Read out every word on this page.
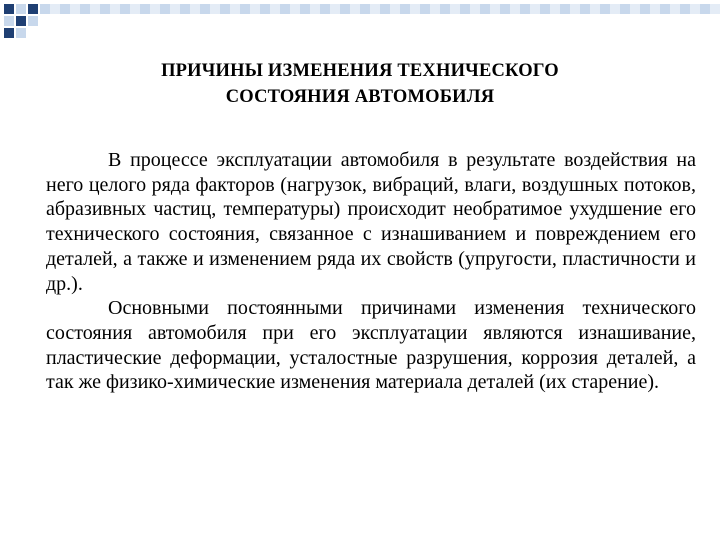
ПРИЧИНЫ ИЗМЕНЕНИЯ ТЕХНИЧЕСКОГО
СОСТОЯНИЯ АВТОМОБИЛЯ

В процессе эксплуатации автомобиля в результате воздействия на него целого ряда факторов (нагрузок, вибраций, влаги, воздушных потоков, абразивных частиц, температуры) происходит необратимое ухудшение его технического состояния, связанное с изнашиванием и повреждением его деталей, а также и изменением ряда их свойств (упругости, пластичности и др.).

Основными постоянными причинами изменения технического состояния автомобиля при его эксплуатации являются изнашивание, пластические деформации, усталостные разрушения, коррозия деталей, а так же физико-химические изменения материала деталей (их старение).
